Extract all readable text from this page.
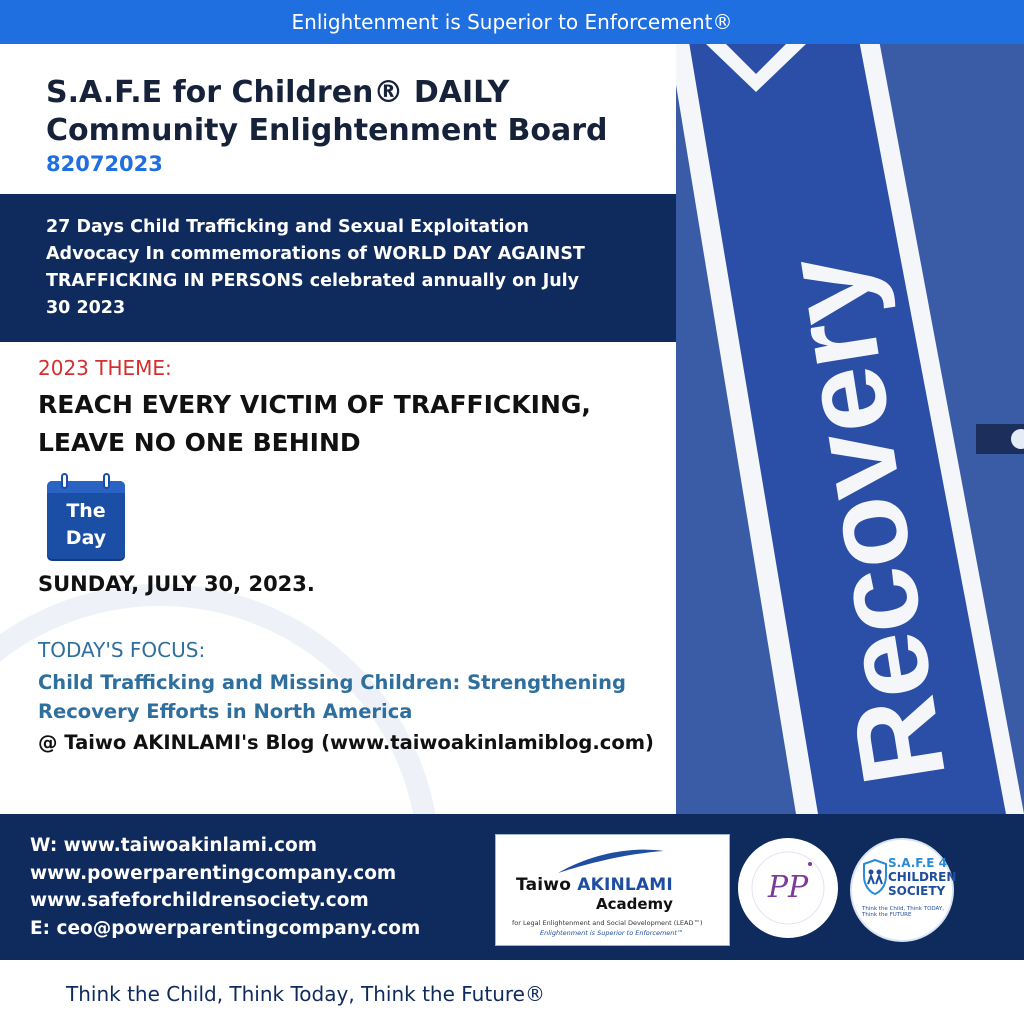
Enlightenment is Superior to Enforcement®
Recovery
S.A.F.E for Children® DAILY
Community Enlightenment Board
82072023

27 Days Child Trafficking and Sexual Exploitation Advocacy In commemorations of WORLD DAY AGAINST TRAFFICKING IN PERSONS celebrated annually on July 30 2023

2023 THEME:
REACH EVERY VICTIM OF TRAFFICKING, LEAVE NO ONE BEHIND
The
Day
SUNDAY, JULY 30, 2023.
TODAY'S FOCUS:
Child Trafficking and Missing Children: Strengthening Recovery Efforts in North America
@ Taiwo AKINLAMI's Blog (www.taiwoakinlamiblog.com)
W: www.taiwoakinlami.com
www.powerparentingcompany.com
www.safeforchildrensociety.com
E: ceo@powerparentingcompany.com
Taiwo AKINLAMI
Academy
for Legal Enlightenment and Social Development (LEAD™)
Enlightenment is Superior to Enforcement™
PP
S.A.F.E 4
CHILDREN
SOCIETY
Think the Child, Think TODAY, Think the FUTURE
Think the Child, Think Today, Think the Future®
